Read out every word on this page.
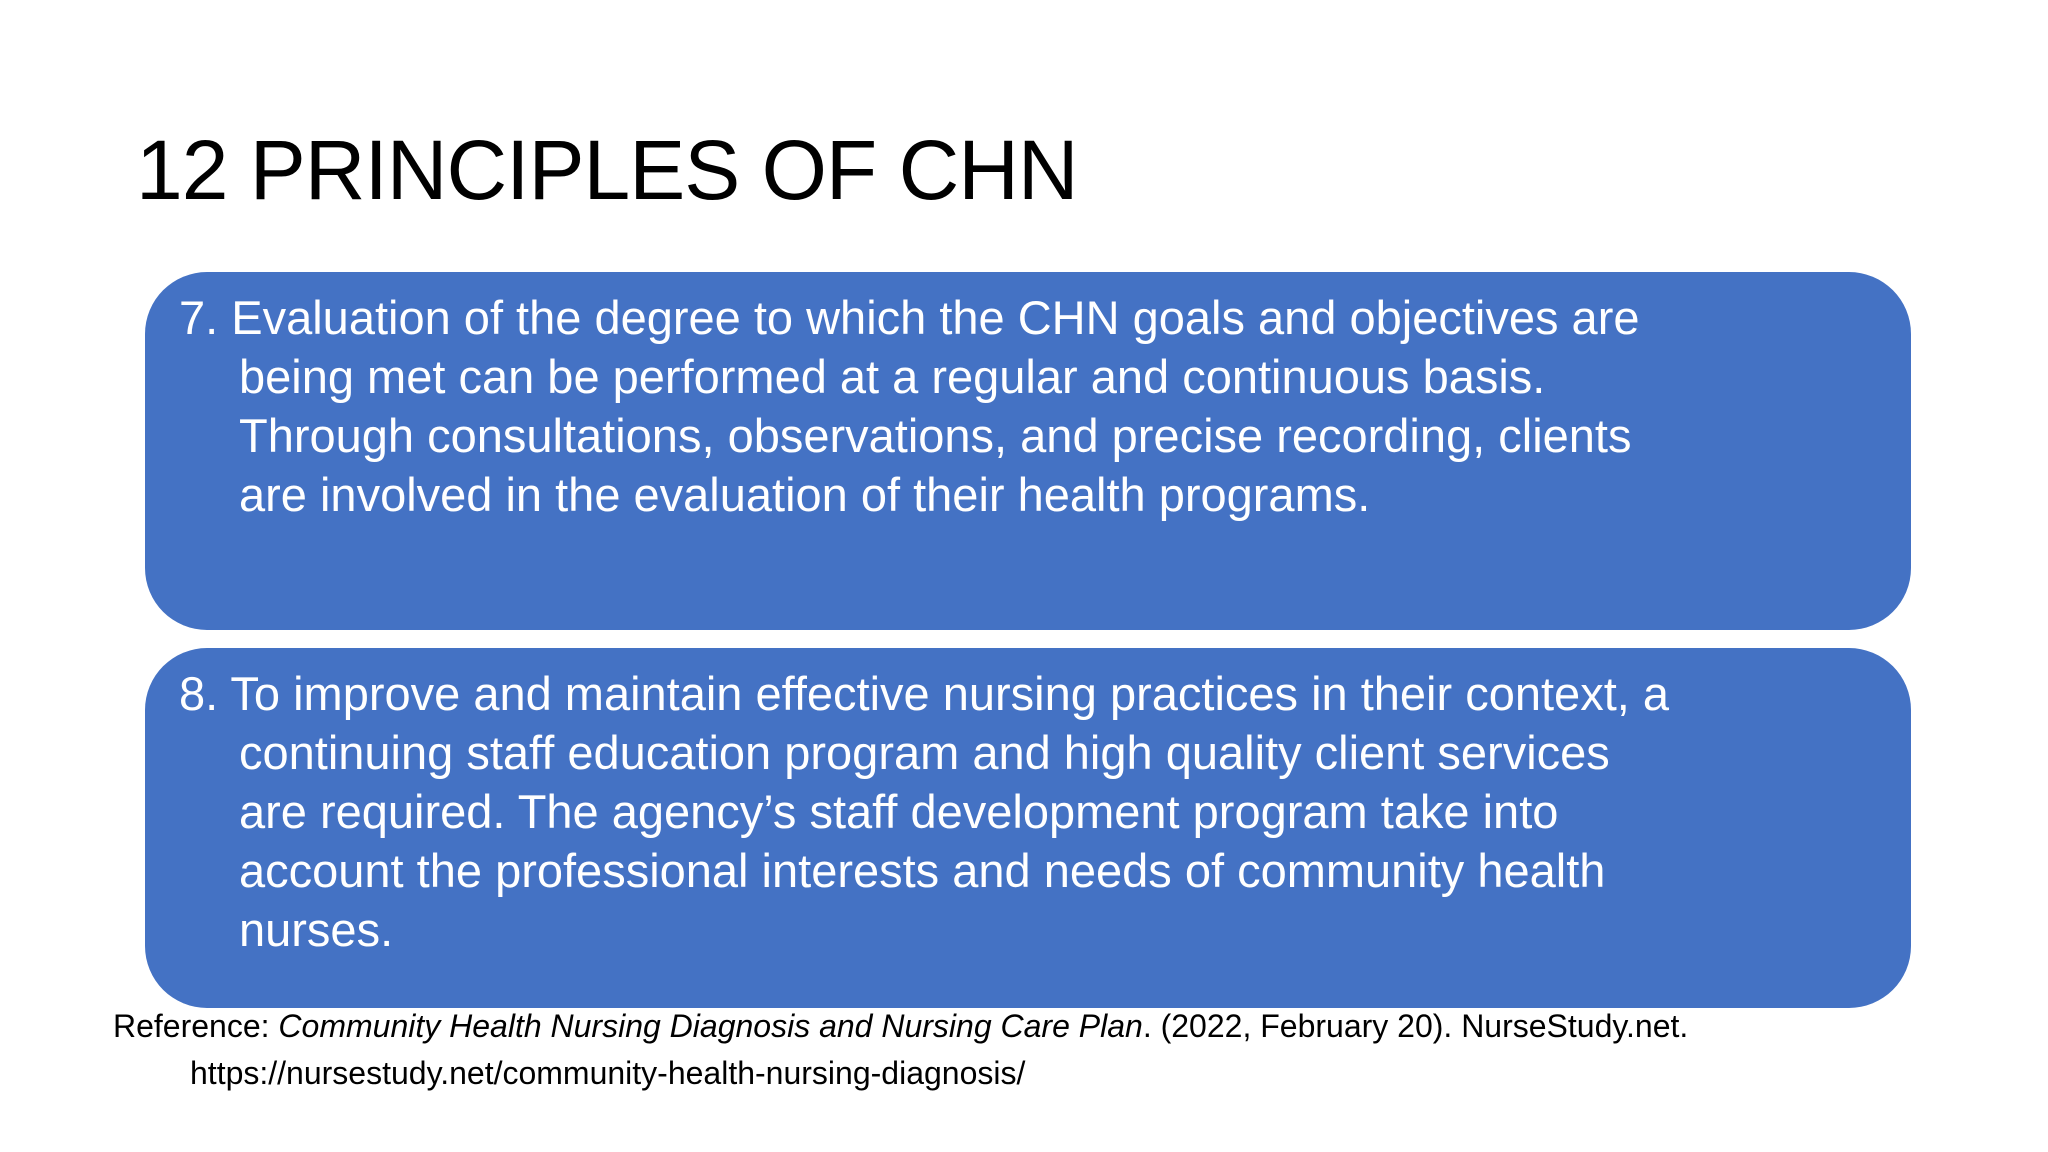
12 PRINCIPLES OF CHN

7. Evaluation of the degree to which the CHN goals and objectives are being met can be performed at a regular and continuous basis. Through consultations, observations, and precise recording, clients are involved in the evaluation of their health programs.

8. To improve and maintain effective nursing practices in their context, a continuing staff education program and high quality client services are required. The agency’s staff development program take into account the professional interests and needs of community health nurses.

Reference: Community Health Nursing Diagnosis and Nursing Care Plan. (2022, February 20). NurseStudy.net. https://nursestudy.net/community-health-nursing-diagnosis/
